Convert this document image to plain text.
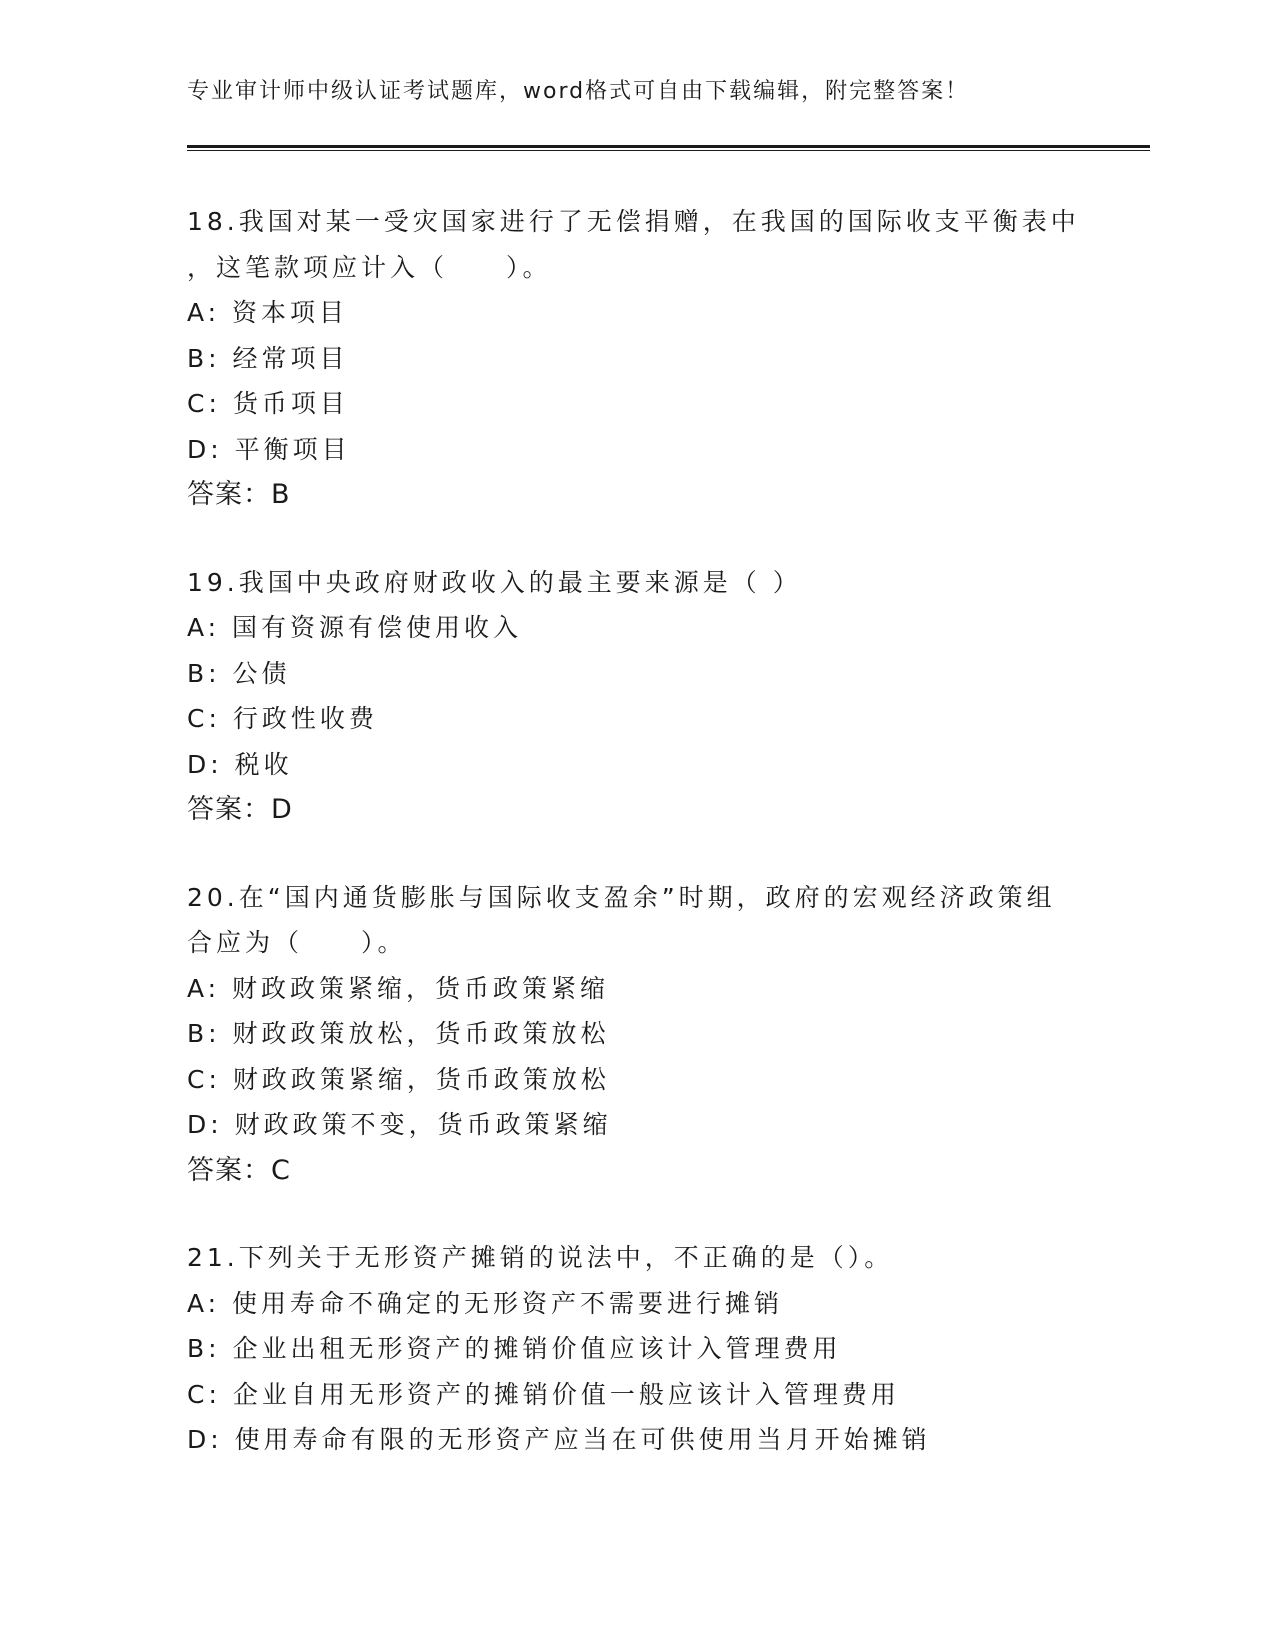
专业审计师中级认证考试题库，word格式可自由下载编辑，附完整答案！
18.我国对某一受灾国家进行了无偿捐赠，在我国的国际收支平衡表中
，这笔款项应计入（　　）。
A: 资本项目
B: 经常项目
C: 货币项目
D: 平衡项目
答案：B
19.我国中央政府财政收入的最主要来源是（ ）
A: 国有资源有偿使用收入
B: 公债
C: 行政性收费
D: 税收
答案：D
20.在“国内通货膨胀与国际收支盈余”时期，政府的宏观经济政策组
合应为（　　）。
A: 财政政策紧缩，货币政策紧缩
B: 财政政策放松，货币政策放松
C: 财政政策紧缩，货币政策放松
D: 财政政策不变，货币政策紧缩
答案：C
21.下列关于无形资产摊销的说法中，不正确的是（）。
A: 使用寿命不确定的无形资产不需要进行摊销
B: 企业出租无形资产的摊销价值应该计入管理费用
C: 企业自用无形资产的摊销价值一般应该计入管理费用
D: 使用寿命有限的无形资产应当在可供使用当月开始摊销
